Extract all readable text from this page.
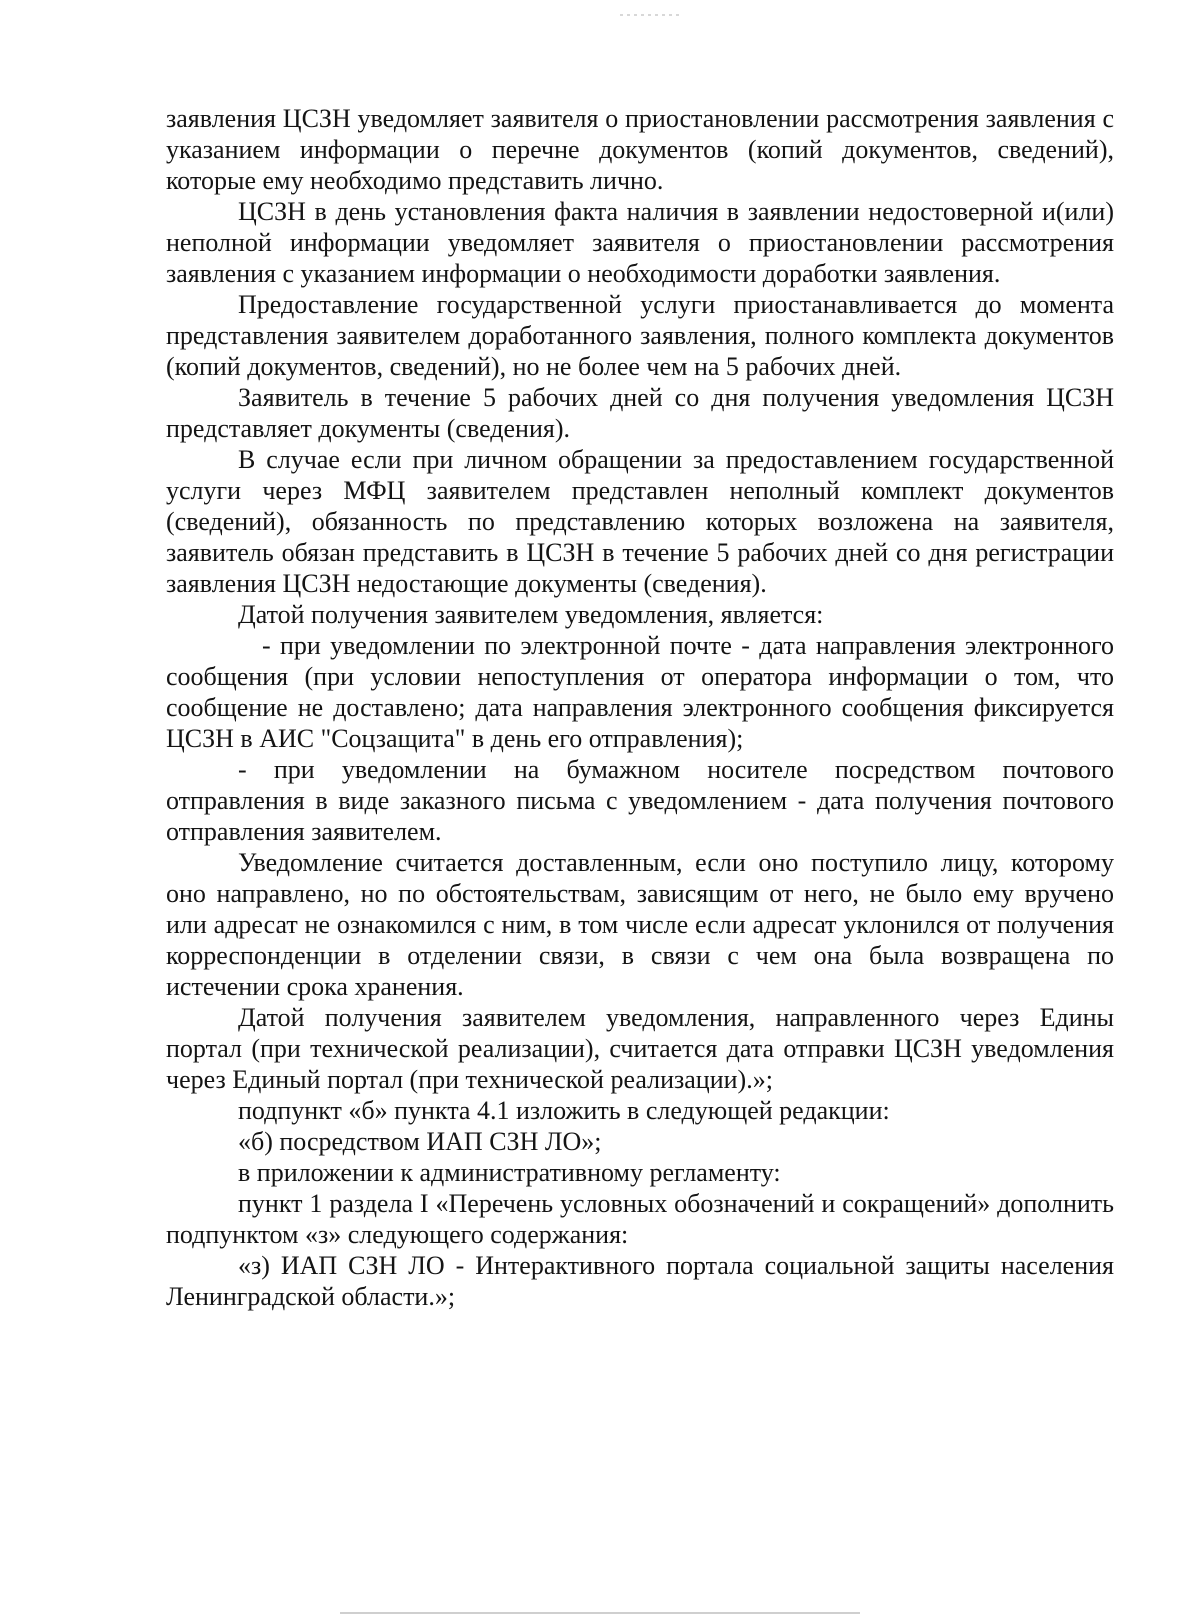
заявления ЦСЗН уведомляет заявителя о приостановлении рассмотрения заявления с указанием информации о перечне документов (копий документов, сведений), которые ему необходимо представить лично.

ЦСЗН в день установления факта наличия в заявлении недостоверной и(или) неполной информации уведомляет заявителя о приостановлении рассмотрения заявления с указанием информации о необходимости доработки заявления.

Предоставление государственной услуги приостанавливается до момента представления заявителем доработанного заявления, полного комплекта документов (копий документов, сведений), но не более чем на 5 рабочих дней.

Заявитель в течение 5 рабочих дней со дня получения уведомления ЦСЗН представляет документы (сведения).

В случае если при личном обращении за предоставлением государственной услуги через МФЦ заявителем представлен неполный комплект документов (сведений), обязанность по представлению которых возложена на заявителя, заявитель обязан представить в ЦСЗН в течение 5 рабочих дней со дня регистрации заявления ЦСЗН недостающие документы (сведения).

Датой получения заявителем уведомления, является:

- при уведомлении по электронной почте - дата направления электронного сообщения (при условии непоступления от оператора информации о том, что сообщение не доставлено; дата направления электронного сообщения фиксируется ЦСЗН в АИС "Соцзащита" в день его отправления);

- при уведомлении на бумажном носителе посредством почтового отправления в виде заказного письма с уведомлением - дата получения почтового отправления заявителем.

Уведомление считается доставленным, если оно поступило лицу, которому оно направлено, но по обстоятельствам, зависящим от него, не было ему вручено или адресат не ознакомился с ним, в том числе если адресат уклонился от получения корреспонденции в отделении связи, в связи с чем она была возвращена по истечении срока хранения.

Датой получения заявителем уведомления, направленного через Едины портал (при технической реализации), считается дата отправки ЦСЗН уведомления через Единый портал (при технической реализации).»;

подпункт «б» пункта 4.1 изложить в следующей редакции:

«б) посредством ИАП СЗН ЛО»;

в приложении к административному регламенту:

пункт 1 раздела I «Перечень условных обозначений и сокращений» дополнить подпунктом «з» следующего содержания:

«з) ИАП СЗН ЛО - Интерактивного портала социальной защиты населения Ленинградской области.»;
